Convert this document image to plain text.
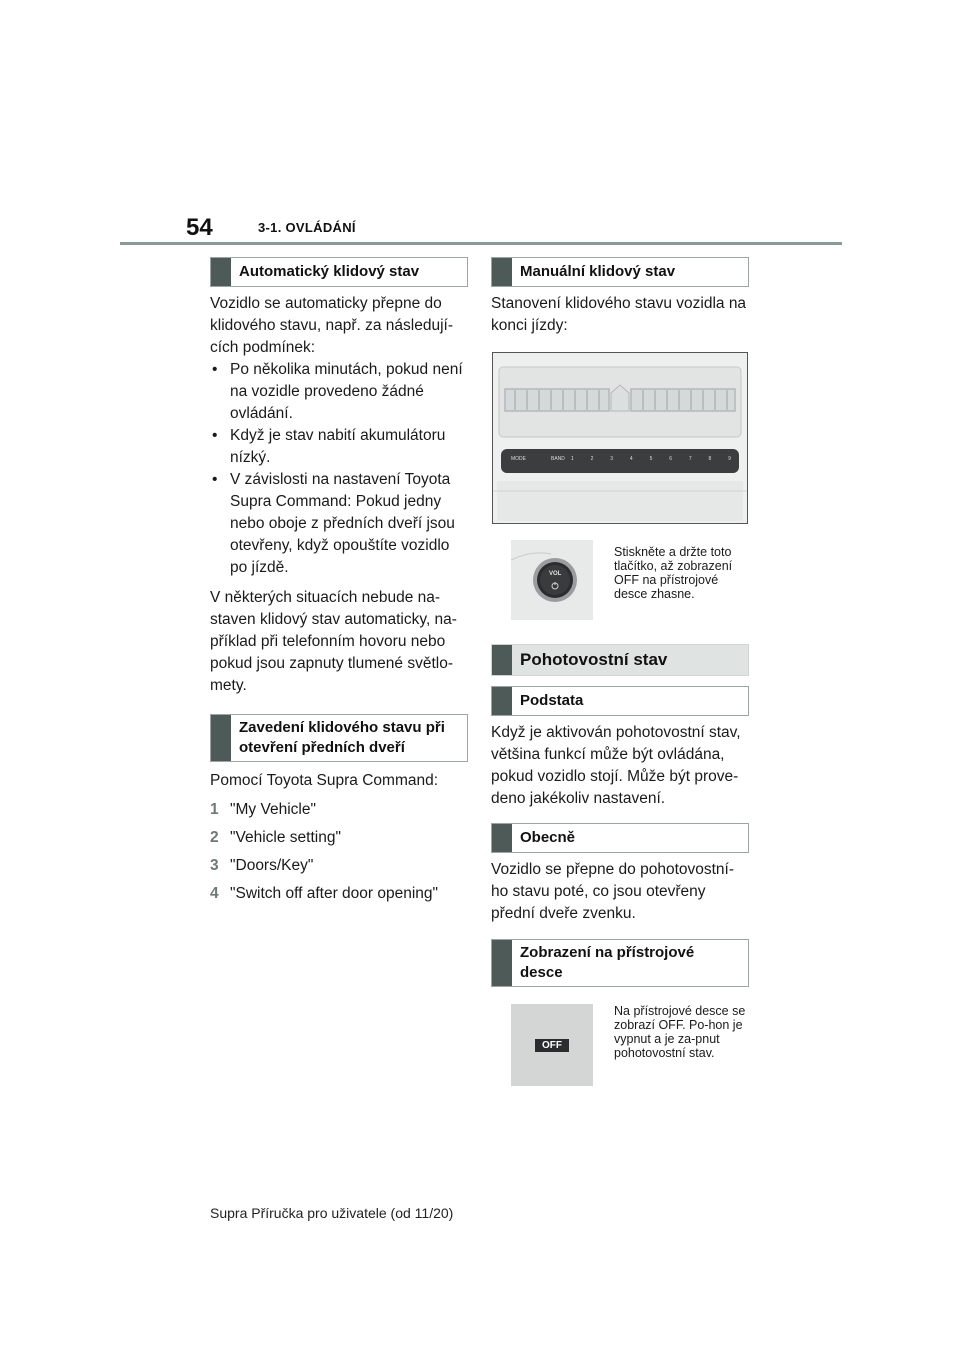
54	3-1. OVLÁDÁNÍ
Automatický klidový stav

Vozidlo se automaticky přepne do klidového stavu, např. za následují-cích podmínek:

• Po několika minutách, pokud není na vozidle provedeno žádné ovládání.
• Když je stav nabití akumulátoru nízký.
• V závislosti na nastavení Toyota Supra Command: Pokud jedny nebo oboje z předních dveří jsou otevřeny, když opouštíte vozidlo po jízdě.

V některých situacích nebude na-staven klidový stav automaticky, na-příklad při telefonním hovoru nebo pokud jsou zapnuty tlumené světlo-mety.

Zavedení klidového stavu při otevření předních dveří

Pomocí Toyota Supra Command:

1 "My Vehicle"
2 "Vehicle setting"
3 "Doors/Key"
4 "Switch off after door opening"
Manuální klidový stav
Stanovení klidového stavu vozidla na konci jízdy:
MODE	BAND 1	2	3	4	5	6	7	8	9
VOL
Stiskněte a držte toto tlačítko, až zobrazení OFF na přístrojové desce zhasne.
Pohotovostní stav
Podstata
Když je aktivován pohotovostní stav, většina funkcí může být ovládána, pokud vozidlo stojí. Může být prove-deno jakékoliv nastavení.
Obecně
Vozidlo se přepne do pohotovostní-ho stavu poté, co jsou otevřeny přední dveře zvenku.
Zobrazení na přístrojové desce
OFF
Na přístrojové desce se zobrazí OFF. Po-hon je vypnut a je za-pnut pohotovostní stav.
Supra Příručka pro uživatele (od 11/20)
